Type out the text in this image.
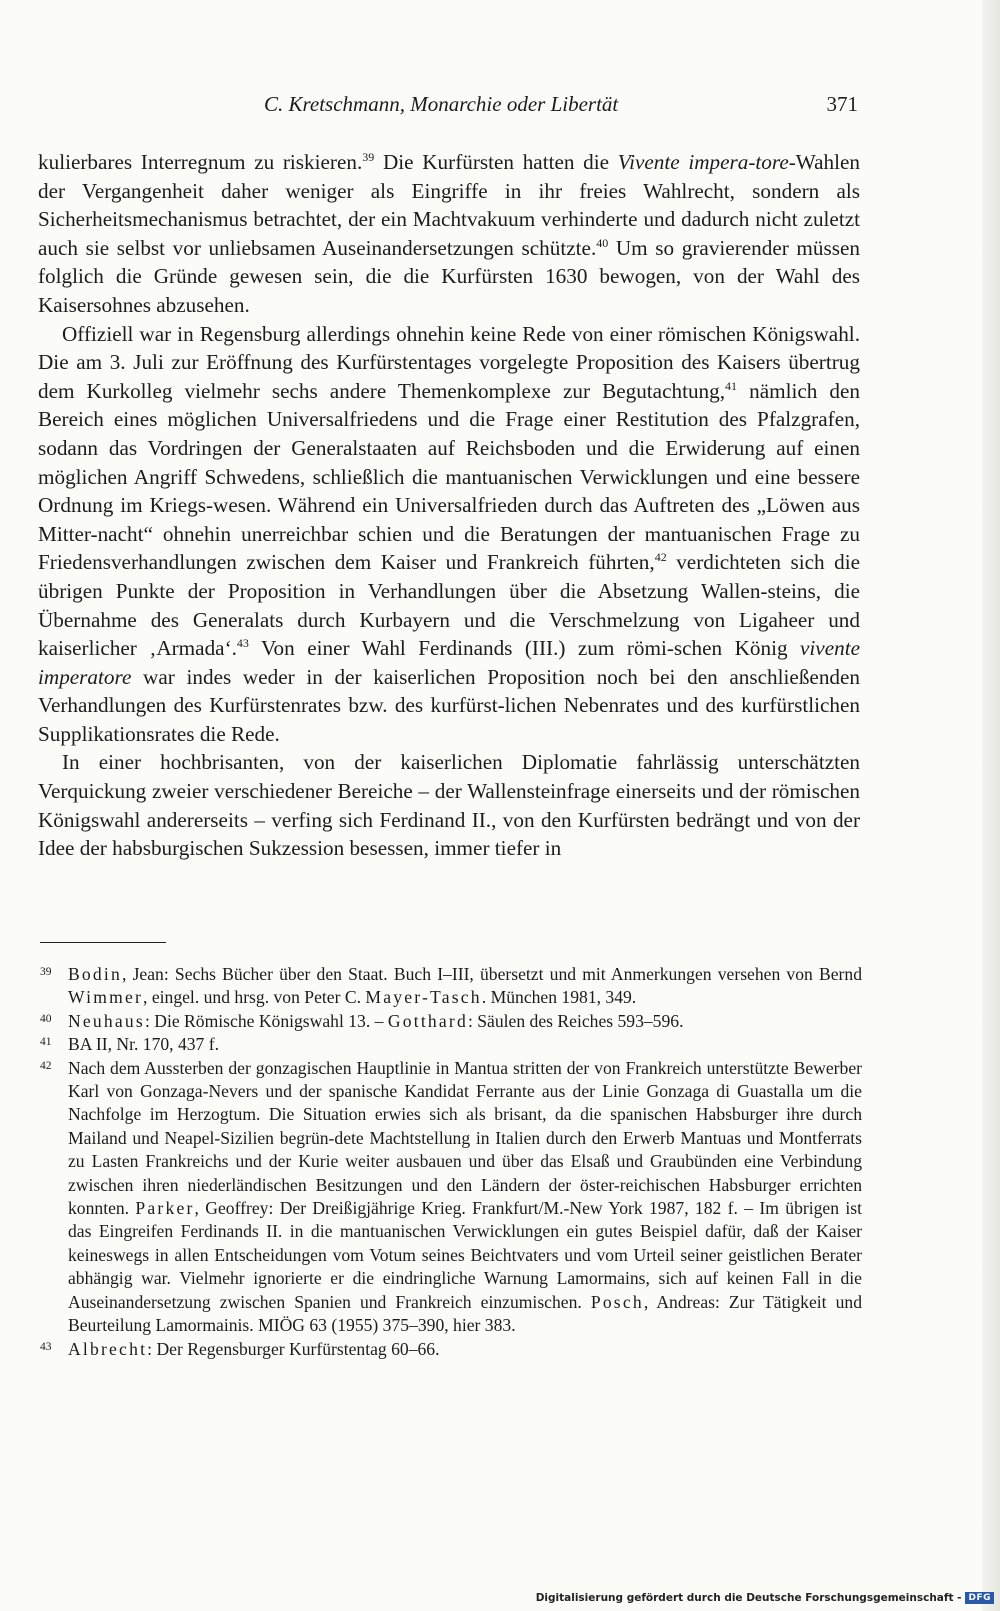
C. Kretschmann, Monarchie oder Libertät	371

kulierbares Interregnum zu riskieren.$^{39}$ Die Kurfürsten hatten die Vivente impera-tore-Wahlen der Vergangenheit daher weniger als Eingriffe in ihr freies Wahlrecht, sondern als Sicherheitsmechanismus betrachtet, der ein Machtvakuum verhinderte und dadurch nicht zuletzt auch sie selbst vor unliebsamen Auseinandersetzungen schützte.$^{40}$ Um so gravierender müssen folglich die Gründe gewesen sein, die die Kurfürsten 1630 bewogen, von der Wahl des Kaisersohnes abzusehen.

Offiziell war in Regensburg allerdings ohnehin keine Rede von einer römischen Königswahl. Die am 3. Juli zur Eröffnung des Kurfürstentages vorgelegte Proposition des Kaisers übertrug dem Kurkolleg vielmehr sechs andere Themenkomplexe zur Begutachtung,$^{41}$ nämlich den Bereich eines möglichen Universalfriedens und die Frage einer Restitution des Pfalzgrafen, sodann das Vordringen der Generalstaaten auf Reichsboden und die Erwiderung auf einen möglichen Angriff Schwedens, schließlich die mantuanischen Verwicklungen und eine bessere Ordnung im Kriegs-wesen. Während ein Universalfrieden durch das Auftreten des „Löwen aus Mitter-nacht“ ohnehin unerreichbar schien und die Beratungen der mantuanischen Frage zu Friedensverhandlungen zwischen dem Kaiser und Frankreich führten,$^{42}$ verdichteten sich die übrigen Punkte der Proposition in Verhandlungen über die Absetzung Wallen-steins, die Übernahme des Generalats durch Kurbayern und die Verschmelzung von Ligaheer und kaiserlicher ‚Armada‘.$^{43}$ Von einer Wahl Ferdinands (III.) zum römi-schen König vivente imperatore war indes weder in der kaiserlichen Proposition noch bei den anschließenden Verhandlungen des Kurfürstenrates bzw. des kurfürst-lichen Nebenrates und des kurfürstlichen Supplikationsrates die Rede.

In einer hochbrisanten, von der kaiserlichen Diplomatie fahrlässig unterschätzten Verquickung zweier verschiedener Bereiche – der Wallensteinfrage einerseits und der römischen Königswahl andererseits – verfing sich Ferdinand II., von den Kurfürsten bedrängt und von der Idee der habsburgischen Sukzession besessen, immer tiefer in

39 Bodin, Jean: Sechs Bücher über den Staat. Buch I–III, übersetzt und mit Anmerkungen versehen von Bernd Wimmer, eingel. und hrsg. von Peter C. Mayer-Tasch. München 1981, 349.
40 Neuhaus: Die Römische Königswahl 13. – Gotthard: Säulen des Reiches 593–596.
41 BA II, Nr. 170, 437 f.
42 Nach dem Aussterben der gonzagischen Hauptlinie in Mantua stritten der von Frankreich unterstützte Bewerber Karl von Gonzaga-Nevers und der spanische Kandidat Ferrante aus der Linie Gonzaga di Guastalla um die Nachfolge im Herzogtum. Die Situation erwies sich als brisant, da die spanischen Habsburger ihre durch Mailand und Neapel-Sizilien begrün-dete Machtstellung in Italien durch den Erwerb Mantuas und Montferrats zu Lasten Frankreichs und der Kurie weiter ausbauen und über das Elsaß und Graubünden eine Verbindung zwischen ihren niederländischen Besitzungen und den Ländern der öster-reichischen Habsburger errichten konnten. Parker, Geoffrey: Der Dreißigjährige Krieg. Frankfurt/M.-New York 1987, 182 f. – Im übrigen ist das Eingreifen Ferdinands II. in die mantuanischen Verwicklungen ein gutes Beispiel dafür, daß der Kaiser keineswegs in allen Entscheidungen vom Votum seines Beichtvaters und vom Urteil seiner geistlichen Berater abhängig war. Vielmehr ignorierte er die eindringliche Warnung Lamormains, sich auf keinen Fall in die Auseinandersetzung zwischen Spanien und Frankreich einzumischen. Posch, Andreas: Zur Tätigkeit und Beurteilung Lamormainis. MIÖG 63 (1955) 375–390, hier 383.
43 Albrecht: Der Regensburger Kurfürstentag 60–66.
Digitalisierung gefördert durch die Deutsche Forschungsgemeinschaft - DFG
